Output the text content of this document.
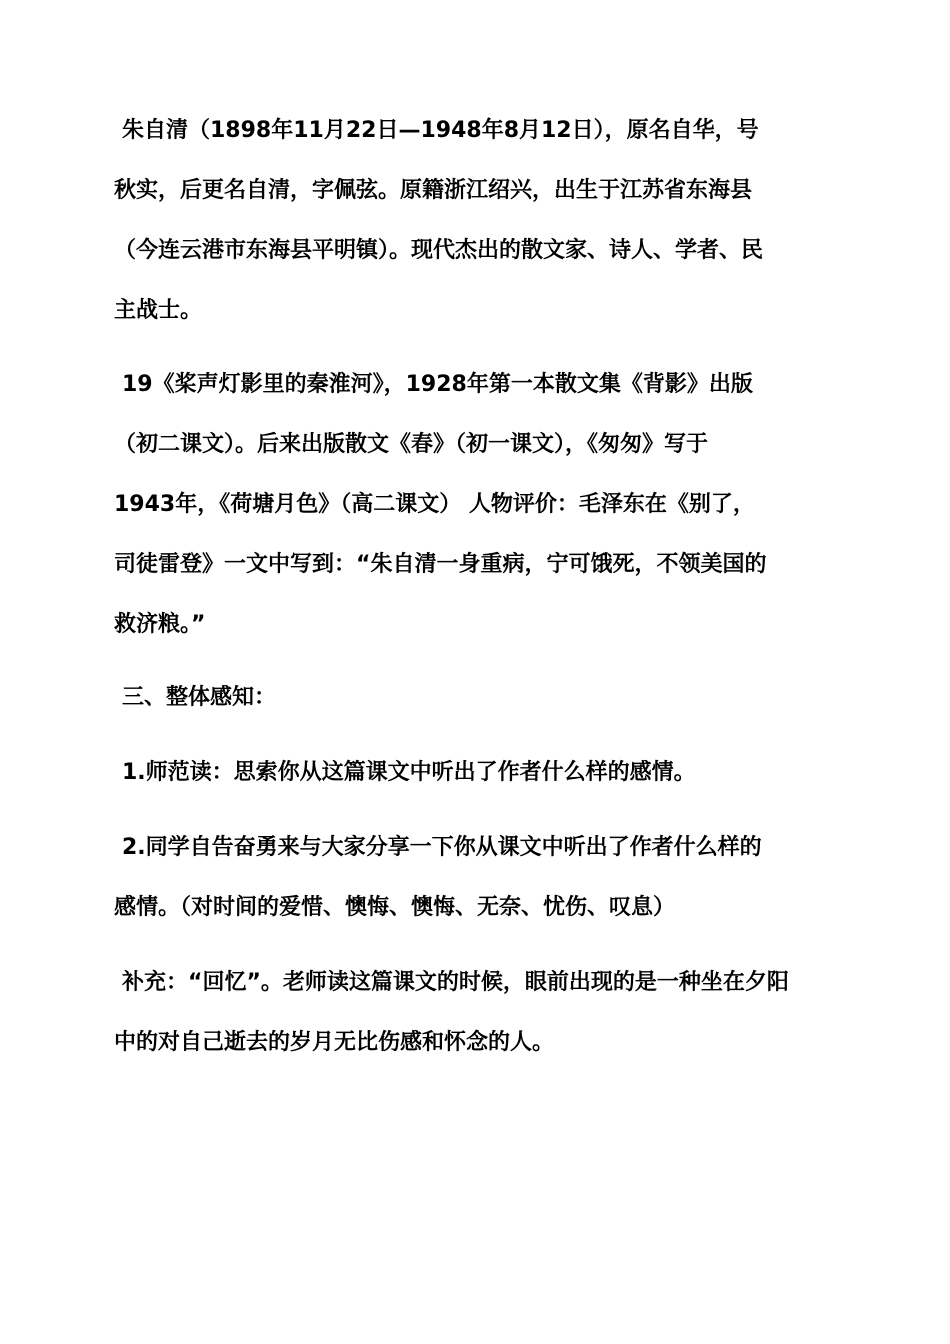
朱自清（1898年11月22日—1948年8月12日），原名自华，号
秋实，后更名自清，字佩弦。原籍浙江绍兴，出生于江苏省东海县
（今连云港市东海县平明镇）。现代杰出的散文家、诗人、学者、民
主战士。
19《桨声灯影里的秦淮河》，1928年第一本散文集《背影》出版
（初二课文）。后来出版散文《春》（初一课文），《匆匆》写于
1943年，《荷塘月色》（高二课文） 人物评价：毛泽东在《别了，
司徒雷登》一文中写到：“朱自清一身重病，宁可饿死，不领美国的
救济粮。”
三、整体感知：
1.师范读：思索你从这篇课文中听出了作者什么样的感情。
2.同学自告奋勇来与大家分享一下你从课文中听出了作者什么样的
感情。（对时间的爱惜、懊悔、懊悔、无奈、忧伤、叹息）
补充：“回忆”。老师读这篇课文的时候，眼前出现的是一种坐在夕阳
中的对自己逝去的岁月无比伤感和怀念的人。
